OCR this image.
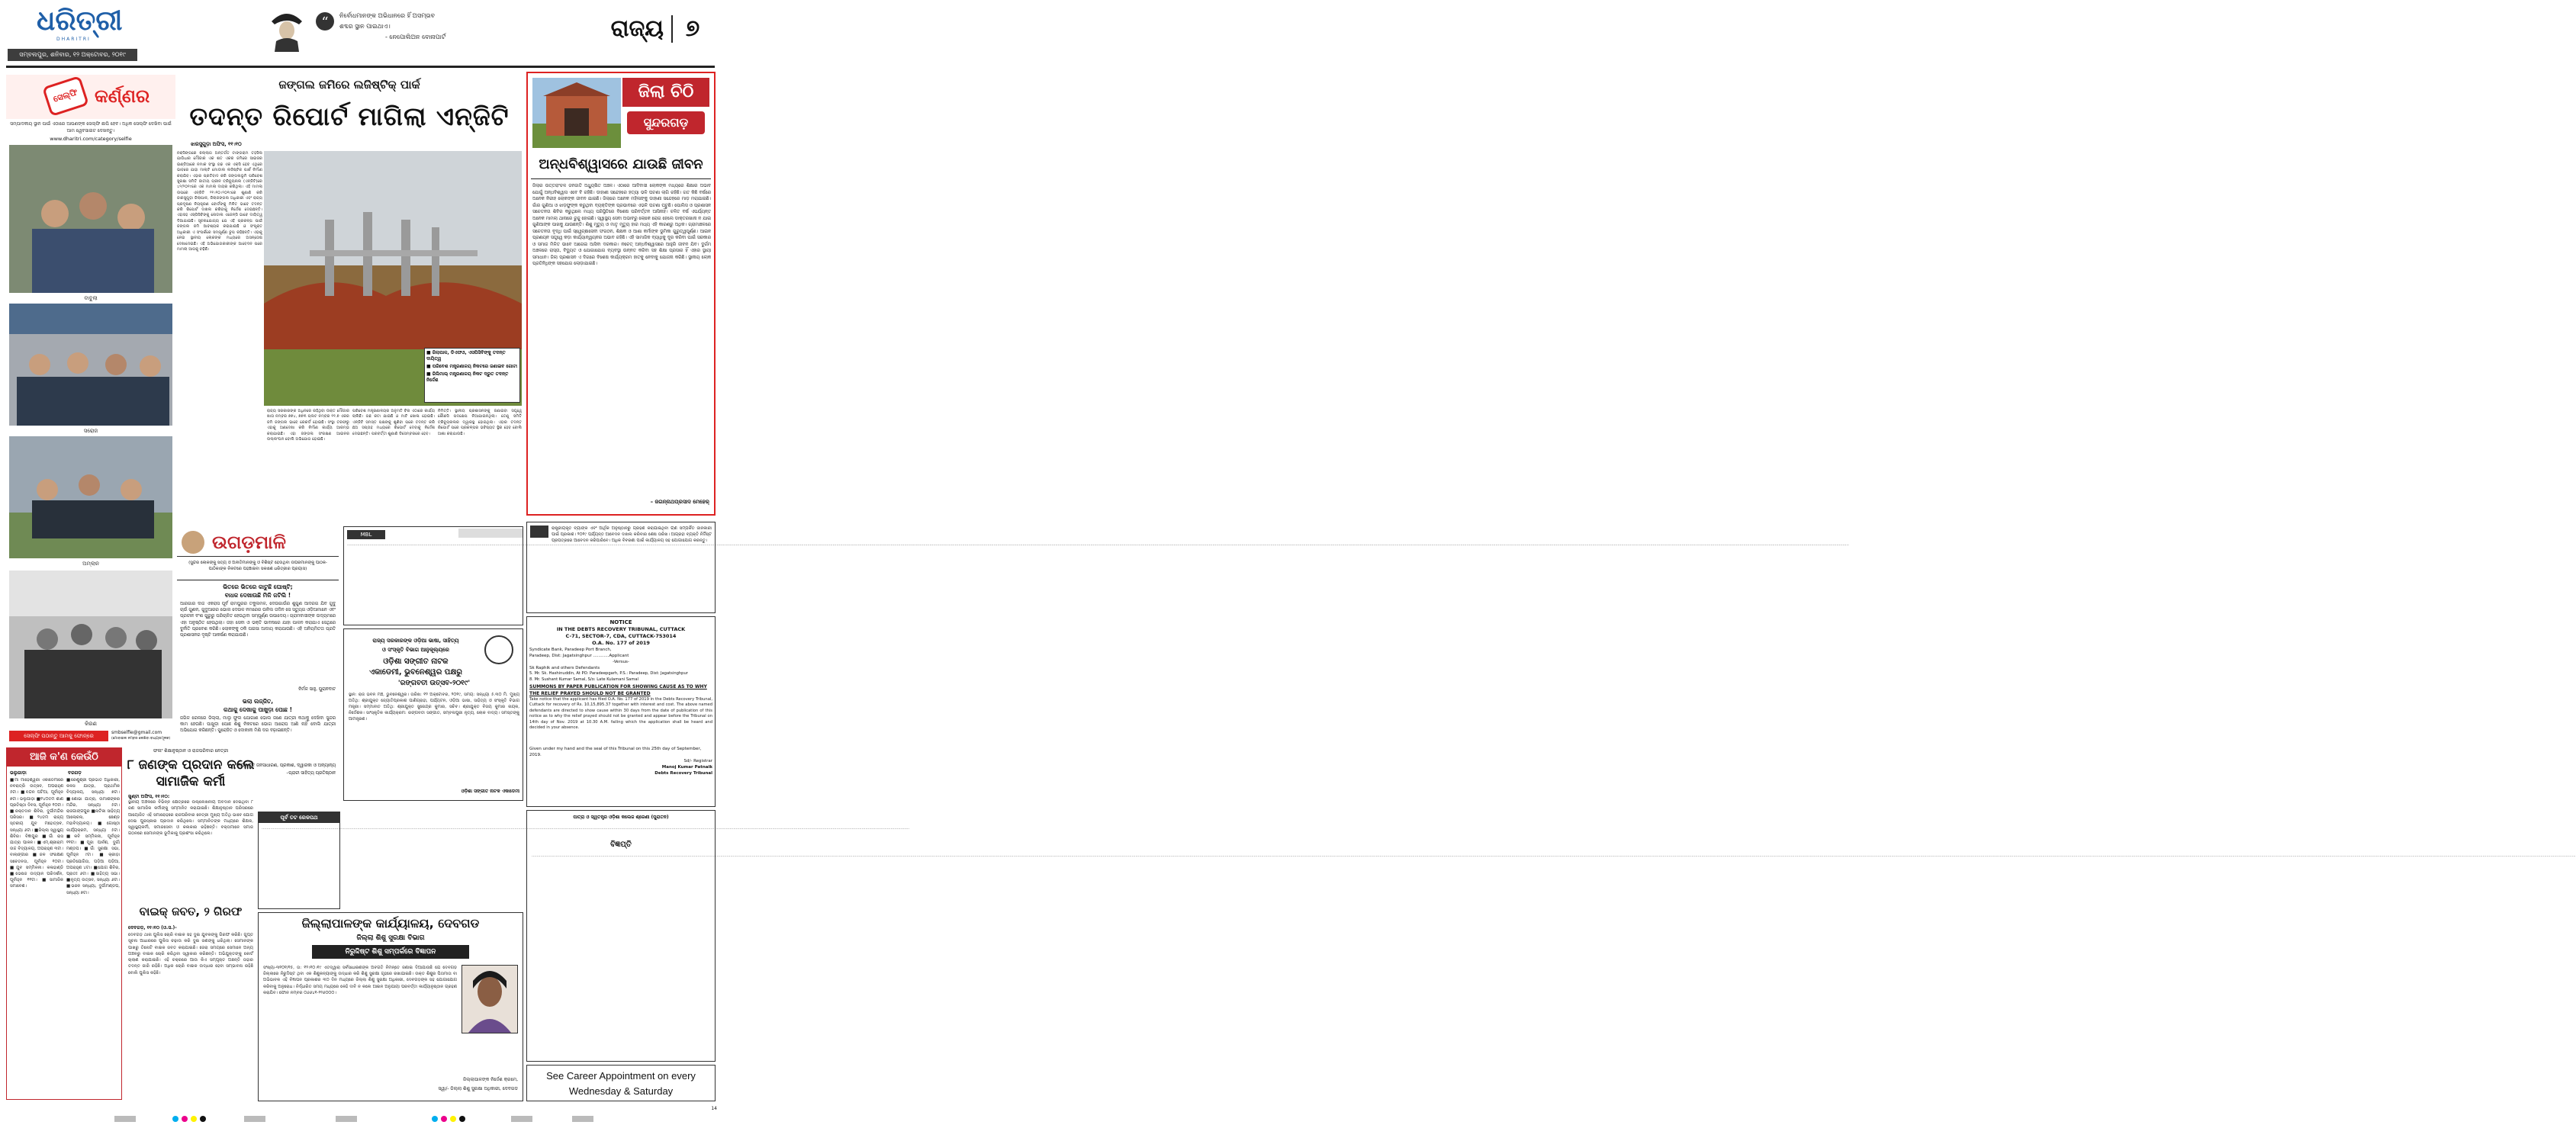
ଧରିତ୍ରୀ
DHARITRI
ସମ୍ବଲପୁର, ଶନିବାର, ୧୨ ଅକ୍ଟୋବର, ୨୦୧୯
“	ନିର୍ବୋଧମାନଙ୍କ ଅଭିଧାନରେ ହିଁ ଅସମ୍ଭବ
ଶବ୍ଦର ସ୍ଥାନ ପାଇଥାଏ।
- ନେପୋଲିଅନ ବୋନାପାର୍ଟ	ରାଜ୍ୟ ୭
ସେଲ୍ଫି କର୍ଣ୍ଣର
ସମ୍ପାଦକୀୟ ସ୍ଥାନ ପାଇଁ ଏଠାରେ ଆପଣଙ୍କ ସେଲ୍ଫି ଛାପି ହେବ। ଅଧିକ ସେଲ୍ଫି ଦେଖିବା ପାଇଁ ଆମ ୱେବସାଇଟ ଦେଖନ୍ତୁ।
www.dharitri.com/category/selfie
ବାବୁଲା
ସରୋଜ
ଅମ୍ଲାନ
କିରଣ
ସେଲ୍ଫି ପଠାନ୍ତୁ ଆମକୁ ଫୋନ୍ରେ
smbselfie@gmail.com
(ମୋବାଇଲ ନମ୍ବର ଲେଖିବା ବାଧ୍ୟତାମୂଳକ)
ଜଙ୍ଗଲ ଜମିରେ ଲଜିଷ୍ଟିକ୍ ପାର୍କ
ତଦନ୍ତ ରିପୋର୍ଟ ମାଗିଲା ଏନ୍ଜିଟି
ଝାରସୁଗୁଡ଼ା ଅଫିସ, ୧୧।୧୦
ନକ୍ସିଙ୍ଗରେ ଝିଲ୍ଲାଗ ଅନ୍ତର୍ଗତ ଟାଙ୍ଗରାମ ତହସିଲ ଯାଗିଧାର ମୌଜାର ଏକ ଶତ ଏକର ଜମିରେ ସାଇଜର ଇଣ୍ଡିଆରେ ନମାକ ସଂସ୍ଥା ଗଢ ଏକ ଏକ୍ସି ହେବ ଏଥିରେ ଭାବରେ ଯାହା ମାଲ୍ଟି ମୋଡାଲ ଲଜିଷ୍ଟିକ ପାର୍କ ନିର୍ମାଣ କରାଯିବ। ଏହାର ପ୍ରତିବାଦ କରି ଜଙ୍ଗଲଭୂମି ପରିବେଶ ସୁରକ୍ଷା ସମିତି ଜାତୀୟ ଗ୍ରୀନ ଟ୍ରିବ୍ୟୁନାଲ (ଏନ୍‌ଜିଟି)ରେ ୪୨/୨୦୧୯ରେ ଏକ ମାମଲା ଦାୟର କରିଥିଲା। ଏହି ମାମଲା ଉପରେ ଏନ୍‌ଜିଟି ୨୧।୧୦।୨୦୧୯ରେ ଶୁଣାଣି କରି ଜାରସୁଗୁଡ଼ା ଜିଲାପାଳ, ଜିଲାଜଙ୍ଗଲ ଅଧିକାରୀ ଏବଂ ରାଜ୍ୟ ପ୍ରଦୂଷଣ ନିୟନ୍ତ୍ରଣ ବୋର୍ଡଙ୍କୁ ମିଳିତ ଭାବେ ତଦନ୍ତ କରି ରିପୋର୍ଟ ଦାଖଲ କରିବାକୁ ନିର୍ଦ୍ଦେଶ ଦେଇଛନ୍ତି। ଏହାସହ ଏସ୍‌ପିସିବିଙ୍କୁ ନୋଡାଲ ଏଜେନ୍ସି ଭାବେ ଦାୟିତ୍ୱ ଦିଆଯାଇଛି। ସୂଚନାଯୋଗ୍ୟ ଯେ ଏହି ପ୍ରକଳ୍ପ ପାଇଁ ଜଙ୍ଗଲ ଜମି ଆବଶ୍ୟକ କରାଯାଇଛି ଓ ସଂପୃକ୍ତ ଅଧିକାରୀ ଏ ସଂପର୍କରେ ସମ୍ପୂର୍ଣ୍ଣ ଚୁପ ରହିଛନ୍ତି। ଏହାକୁ ନେଇ ସ୍ଥାନୀୟ ଲୋକଙ୍କ ମଧ୍ୟରେ ଅସନ୍ତୋଷ ଦେଖାଦେଇଛି। ଏହି ଅଭିଯୋଗକାରୀଙ୍କ ଆବେଦନ ପରେ ମାମଲା ଆଗକୁ ବଢ଼ିଛି।
■ ଜିଲାପାଳ, ଡିଏଫଓ, ଏସପିସିବିଙ୍କୁ ତଦନ୍ତ ଦାୟିତ୍ୱ
■ ପରିବେଶ ମନ୍ତ୍ରଣାଳୟ ନିକଟରେ ଜଣାଇବ ଗୋଟା
■ ଜିଲିମାଲ୍ ମନ୍ତ୍ରଣାଳୟ ନିକଟ ଦ୍ରୁତ ତଦନ୍ତ ନିର୍ଦ୍ଦେଶ
ରାଜ୍ୟ ସରକାରଙ୍କ ଅଧିନରେ ରହିଥିବା ଉକ୍ତ ମୌଜାର ଖାତା ନମ୍ବର ୭୭୪, ୭୭୩ ପ୍ଲଟ ନମ୍ବର ୧୧.୭ ଏକର ଜମି ଜଙ୍ଗଲ ଭାବେ ରେକର୍ଡ ହୋଇଛି। ସଂସ୍ଥା ତରଫରୁ ଏହାକୁ ଅଣଦେଖା କରି ନିର୍ମାଣ କାର୍ଯ୍ୟ ଆରମ୍ଭ କରାଯାଇଛି। ଏହା ଜଙ୍ଗଲ ସଂରକ୍ଷଣ ଆଇନର ଉଲ୍ଲଂଘନ ବୋଲି ଅଭିଯୋଗ ହୋଇଛି।
ପରିବେଶ ମନ୍ତ୍ରଣାଳୟର ଅନୁମତି ବିନା ଏଠାରେ କାର୍ଯ୍ୟ ଚାଲିଛି। ଗଛ କଟା ଯାଇଛି ଓ ମାଟି ଖୋଳା ହୋଇଛି। ଏନ୍‌ଜିଟି ସମସ୍ତ ପକ୍ଷଙ୍କୁ ଶୁଣିବା ପରେ ତଦନ୍ତ କରି ଛଅ ସପ୍ତାହ ମଧ୍ୟରେ ରିପୋର୍ଟ ଦେବାକୁ ନିର୍ଦ୍ଦେଶ ଦେଇଛନ୍ତି। ପରବର୍ତ୍ତୀ ଶୁଣାଣି ଡିସେମ୍ବରରେ ହେବ।
ନିମିତ୍ତି। ସ୍ଥାନୀୟ ପ୍ରଶାସନଙ୍କୁ ଜଣାଇବା ସତ୍ତ୍ୱେ କୌଣସି ପଦକ୍ଷେପ ନିଆଯାଇନଥିଲା। ତେଣୁ ସମିତି ଟ୍ରିବ୍ୟୁନାଲର ଦ୍ୱାରସ୍ଥ ହୋଇଥିଲା। ଏହାର ତଦନ୍ତ ରିପୋର୍ଟ ପରେ ପ୍ରକଳ୍ପର ଭବିଷ୍ୟତ ସ୍ଥିର ହେବ ବୋଲି ଆଶା କରାଯାଉଛି।
ଜିଲା ଚିଠି
ସୁନ୍ଦରଗଡ଼
ଅନ୍ଧବିଶ୍ୱାସରେ ଯାଉଛି ଜୀବନ
ଜିଲାର ଉତ୍ତରାଂଚଳ ଜନଜାତି ଅଧ୍ୟୁଷିତ ଅଞ୍ଚଳ। ଏଠାରେ ଆଦିବାସୀ ଲୋକଙ୍କ ମଧ୍ୟରେ ଶିକ୍ଷାର ଅଭାବ ଯୋଗୁଁ ଅନ୍ଧବିଶ୍ୱାସ ଏବେ ବି ରହିଛି। ଡାହାଣୀ ସନ୍ଦେହରେ ହତ୍ୟା ଭଳି ଘଟଣା ଲାଗି ରହିଛି। ଗତ କିଛି ବର୍ଷରେ ଅନେକ ନିରୀହ ଲୋକଙ୍କ ଜୀବନ ଯାଇଛି। ଜିଲାରେ ଅନେକ ମହିଳାଙ୍କୁ ଡାହାଣୀ ସନ୍ଦେହରେ ମାଡ଼ ମରାଯାଇଛି। ଗାଁର ଗୁଣିଆ ଓ ଝାଡ଼ଫୁଙ୍କ କରୁଥିବା ବ୍ୟକ୍ତିଙ୍କ ପ୍ରଭାବରେ ଏଭଳି ଘଟଣା ଘଟୁଛି। ପୋଲିସ ଓ ପ୍ରଶାସନ ସଚେତନତା ଶିବିର କରୁଥିଲେ ମଧ୍ୟ ପରିସ୍ଥିତିରେ ବିଶେଷ ପରିବର୍ତ୍ତନ ଆସିନାହିଁ। ଚଳିତ ବର୍ଷ ଏପର୍ଯ୍ୟନ୍ତ ଅନେକ ମାମଲା ଥାନାରେ ରୁଜୁ ହୋଇଛି। ସ୍ୱାସ୍ଥ୍ୟ ସେବା ଅଭାବରୁ ଲୋକେ ରୋଗ ହେଲେ ଡାକ୍ତରଖାନା ନ ଯାଇ ଗୁଣିଆଙ୍କ ପାଖକୁ ଯାଉଛନ୍ତି। ଶିଶୁ ମୃତ୍ୟୁ ଓ ମାତୃ ମୃତ୍ୟୁ ହାର ମଧ୍ୟ ଏହି କାରଣରୁ ଅଧିକ। ଗ୍ରାମାଞ୍ଚଳରେ ସଚେତନତା ବୃଦ୍ଧି ପାଇଁ ସ୍ୱେଚ୍ଛାସେବୀ ସଂଗଠନ, ଶିକ୍ଷକ ଓ ଆଶା କର୍ମୀଙ୍କ ଭୂମିକା ଗୁରୁତ୍ୱପୂର୍ଣ୍ଣ। ଆଇନ ପ୍ରଣୟନ ସତ୍ତ୍ୱେ କଡ଼ା କାର୍ଯ୍ୟାନ୍ୱୟନର ଅଭାବ ରହିଛି। ଏହି ସାମାଜିକ ବ୍ୟାଧିକୁ ଦୂର କରିବା ପାଇଁ ସରକାର ଓ ସମାଜ ମିଳିତ ଭାବେ ଆଗେଇ ଆସିବା ଦରକାର। ନଚେତ୍ ଅନ୍ଧବିଶ୍ୱାସରେ ଆହୁରି ଜୀବନ ଯିବ। ଦୁର୍ଗମ ଅଞ୍ଚଳରେ ରାସ୍ତା, ବିଦ୍ୟୁତ ଓ ଯୋଗାଯୋଗ ବ୍ୟବସ୍ଥା ଉନ୍ନତ କରିବା ସହ ଶିକ୍ଷା ପ୍ରସାର ହିଁ ଏହାର ସ୍ଥାୟୀ ସମାଧାନ। ଜିଲା ପ୍ରଶାସନ ଏ ଦିଗରେ ବିଶେଷ କାର୍ଯ୍ୟକ୍ରମ ହାତକୁ ନେବାକୁ ଯୋଜନା କରିଛି। ସ୍ଥାନୀୟ ଲୋକ ପ୍ରତିନିଧିଙ୍କ ସହଯୋଗ ଲୋଡ଼ାଯାଇଛି।
– ଜଗନ୍ନାଥପ୍ରସାଦ ମେହେର୍
ଉଗଡ଼ମାଳି
(ସୁନ୍ଦର ଲୋକଙ୍କୁ ସତ୍ୟ ଓ ଅନୀତିମାନଙ୍କୁ ଓ ବିଶିଷ୍ଟ ହେଉଥିବା ଉପରମାନଙ୍କୁ ପାଠକ-ପାଠିକାଙ୍କ ନିକଟରେ ପହଞ୍ଚାଇବା ସକାଶେ ଧରିତ୍ରୀର ପ୍ରୟାସ)
ଭିତରେ ଭିତରେ କାଟୁଛି ଘୋଷ୍ଟି;
ବାଧକ ଦେଖାଉଛି ମିଳି ଜଟିଲି !
ଆରଗାର ଦାଜ ଏକରାସ ପୂର୍ବ ରାମପୁରର ତକୁଲମଳ, ଦେଉଗାଉଁର ଶୁଗୁଣ ଆଦରଗ ଯିବ ଗୁଦୁ ଚାଉଁ ଗୁଣନ, ଗୁଦୁଆରର ଭୋଲ ଦେଉଳ ନମରେର ଉନିଲ ତାଦିନ ସେ ସତ୍ୟୁଗ ଓଡ଼ିଆମାନେ ଏବଂ ପ୍ରଚୀନ ବଂଶ ଗୁରୁରୁ ପରିଚାଳିତ ହେଉଥିବା ସମ୍ପୂର୍ଣ୍ଣ ଉପାଦେୟ। ଗ୍ରାମବାସୀଙ୍କ ଉଦ୍ୟମରେ ଏହା ଅନୁଷ୍ଠିତ ହେଉଥିଲା। ତାହା ସେବା ଓ ଭକ୍ତି ଭାବନାରେ ଯାହା ପାଳନ କରାଯାଏ ସେଥିରେ ଦୁର୍ନୀତି ପ୍ରବେଶ କରିଛି। ଲୋକଙ୍କୁ ଠକି ପଇସା ଆଦାୟ କରାଯାଉଛି। ଏହି ଅନିୟମିତତା ପ୍ରତି ପ୍ରଶାସନର ଦୃଷ୍ଟି ଆକର୍ଷଣ କରାଯାଉଛି।
ନିର୍ମଳ ସାହୁ, ପୁରାନବାଟ
ଭଲା ଲଜ୍ଜିତ,
କଥାକୁ ଦେଖାକୁ ପାଖୁଡ଼ା ପୋଛ !
ଜଗିଳ ରେଳରେ ଜିଲ୍ଲା, ମାଲୁ ଫୁଲ ଯୋଗାଣ ଭୋଲ ଜଣେ ଯାତ୍ରୀ କଥାକୁ ଦେଖିବା ସୁନ୍ଦର କାମ ହେଉଛି। ପାଖୁଡ଼ା ପୋଛ ଶିଶୁ ନିକଟରେ ଭୋଗ ଆରୋପ ଆଣି ନାହିଁ ବୋଲି ଯାତ୍ରୀ ଅଭିଯୋଗ କରିଛନ୍ତି। ପୁରୋହିତ ଓ ଦୋକାନୀ ମିଶି ଦର ବଢ଼ାଇଛନ୍ତି।
ନିର୍ଯ୍ୟାତିତ ଜନସାଧାରଣ, ପ୍ରକାଶ, ଦ୍ୱାରକା ଓ ଅନ୍ୟାନ୍ୟ
–ପ୍ରାଚୀ ସାହିତ୍ୟ ପ୍ରତିଷ୍ଠାନ
MBL
..........................................................................................................................................................................................................................................................................................................................................................................................................................................................................................................................................................................................................................................................................................................................................................................................................................................................................................................................................................................................................................................................................................................................................................................................................................................
ରାଜ୍ୟ ସରକାରଙ୍କ ଓଡ଼ିଆ ଭାଷା, ସାହିତ୍ୟ
ଓ ସଂସ୍କୃତି ବିଭାଗ ଆନୁକୂଲ୍ୟରେ
ଓଡ଼ିଶା ସଙ୍ଗୀତ ନାଟକ
ଏକାଡେମୀ, ଭୁବନେଶ୍ୱର ପକ୍ଷରୁ
'ରଙ୍ଗବତୀ ଉତ୍ସବ-୨୦୧୯'
ସ୍ଥାନ: ରାଜ ଭବନ ମଞ୍ଚ, ଭୁବନେଶ୍ୱର। ତାରିଖ: ୧୨ ଅକ୍ଟୋବର, ୨୦୧୯, ସମୟ: ସନ୍ଧ୍ୟା ୫.୩୦ ମି. ମୁଖ୍ୟ ଅତିଥି: ଶ୍ରୀଯୁକ୍ତ ଜ୍ୟୋତିପ୍ରକାଶ ପାଣିଗ୍ରାହୀ, ପର୍ଯ୍ୟଟନ, ଓଡ଼ିଆ ଭାଷା, ସାହିତ୍ୟ ଓ ସଂସ୍କୃତି ବିଭାଗ ମନ୍ତ୍ରୀ। ସମ୍ମାନୀତ ଅତିଥି: ଶ୍ରୀଯୁକ୍ତ ସୁରେନ୍ଦ୍ର କୁମାର, ସଚିବ। ଶ୍ରୀଯୁକ୍ତ ବିଜୟ କୁମାର ନାୟକ, ନିର୍ଦ୍ଦେଶକ। ସାଂସ୍କୃତିକ କାର୍ଯ୍ୟକ୍ରମ: ରଙ୍ଗବତୀ ସଙ୍ଗୀତ, ସମ୍ବଲପୁରୀ ନୃତ୍ୟ, ଲୋକ ବାଦ୍ୟ। ସମସ୍ତଙ୍କୁ ଆମନ୍ତ୍ରଣ।
ଓଡ଼ିଶା ସଙ୍ଗୀତ ନାଟକ ଏକାଡେମୀ
ରାଷ୍ଟ୍ରୀୟକୃତ ବ୍ୟାଙ୍କ ଏବଂ ଆର୍ଥିକ ଅନୁଷ୍ଠାନରୁ ଗ୍ରହଣ କରାଯାଇଥିବା ଋଣ ସମ୍ପର୍କିତ ଜାନକାରୀ ପାଇଁ ପ୍ରକାଶ। ୨୦୧୯ ପର୍ଯ୍ୟନ୍ତ ଆବେଦନ ଦାଖଲ କରିବାର ଶେଷ ତାରିଖ। ଆଗ୍ରହୀ ବ୍ୟକ୍ତି ନିର୍ଦ୍ଦିଷ୍ଟ ପ୍ରପତ୍ରରେ ଆବେଦନ କରିପାରିବେ। ଅଧିକ ବିବରଣୀ ପାଇଁ କାର୍ଯ୍ୟାଳୟ ସହ ଯୋଗାଯୋଗ କରନ୍ତୁ।
NOTICE
IN THE DEBTS RECOVERY TRIBUNAL, CUTTACK
C-71, SECTOR-7, CDA, CUTTACK-753014
O.A. No. 177 of 2019
Syndicate Bank, Paradeep Port Branch,
Paradeep, Dist: Jagatsinghpur ............Applicant
-Versus-
Sk Raphik and others Defendants
5. Mr. Sk. Hashinuddin, At PO: Paradeepgarh, P.S.: Paradeep, Dist: Jagatsinghpur
8. Mr. Sushant Kumar Samal, S/o: Late Kulamani Samal
SUMMONS BY PAPER PUBLICATION FOR SHOWING CAUSE AS TO WHY THE RELIEF PRAYED SHOULD NOT BE GRANTED
Take notice that the applicant has filed O.A. No. 177 of 2019 in the Debts Recovery Tribunal, Cuttack for recovery of Rs. 10,15,895.37 together with interest and cost. The above named defendants are directed to show cause within 30 days from the date of publication of this notice as to why the relief prayed should not be granted and appear before the Tribunal on 14th day of Nov. 2019 at 10.30 A.M. failing which the application shall be heard and decided in your absence.
Given under my hand and the seal of this Tribunal on this 25th day of September, 2019.
Sd/- Registrar
Manoj Kumar Patnaik
Debts Recovery Tribunal
ପାତ୍ରା ଓ ସ୍ୱତନ୍ତ୍ର ଓଡ଼ିଶା କଲେଜ ଶ୍ରେଣୀ (ପୁରାତନ)
ବିଜ୍ଞପ୍ତି
.........................................................................................................................................................................................................................................................................................................................................................................................................................................................................................................................................................................................................................................................................................................................................................................................................................................................................................................................................................................................................................................................................................................................................................................................................................................................................................................................................................................................................................................................................................................................................................................................................................................................................................
See Career Appointment on every Wednesday & Saturday
ଆଜି କ'ଣ କେଉଁଠି
ଭଲୁଗାଡ଼ା	ବରଗଡ଼
■ମା ମାହେଶ୍ୱରୀ ଏକାଡେମୀରେ ନବରାତ୍ରି ଉତ୍ସବ, ଅପରାହ୍ଣ ୫ଟା। ■ବନ୍ଦନ ପଟିଆ, ପୂର୍ବାହ୍ନ ୭ଟା। ଭଲୁଗାଡ଼ା ■୧୪୦ତମ ଶାଣ ପ୍ରତିଷ୍ଠା ଦିବସ, ପୂର୍ବାହ୍ନ ୧୦ଟା। ■ରକ୍ତଦାନ ଶିବିର, ଦୁର୍ଗାମନ୍ଦିର ପରିସର। ■୨୪ତମ ରାଜ୍ୟ ସ୍ତରୀୟ ଯୁବ ମହୋତ୍ସବ, ସନ୍ଧ୍ୟା ୬ଟା। ■ଜିଲ୍ଲା ସ୍ୱାସ୍ଥ୍ୟ ଶିବିର। ବିଜ୍ଞାପୁର ■ଗାଁ ରାସ ଯାତ୍ରା ପାଳନ। ■ଏମ୍.ଶ୍ରୀରାମ ଉଚ୍ଚ ବିଦ୍ୟାଳୟ, ଅପରାହ୍ଣ ୩ଟା। ବାଲାଙ୍ଗୀର ■ଜଳ ସଂରକ୍ଷଣ ସଚେତନତା, ପୂର୍ବାହ୍ନ ୧୦ଟା। ■ଯୁବ ସମ୍ମିଳନୀ। କଳାହାଣ୍ଡି ■ଭେଷଜ ଉଦ୍ୟାନ ପରିଦର୍ଶନ, ପୂର୍ବାହ୍ନ ୧୧ଟା। ■ସାମାଜିକ ସମାବେଶ।
■ରେଣୁଶ୍ରୀ ପ୍ରଭାତ ଅଧିକାରୀ, କଳସ ଯାତ୍ରା, ପ୍ରାଥମିକ ବିଦ୍ୟାଳୟ, ସନ୍ଧ୍ୟା ୭ଟା। ■ଶୋଭା ଯାତ୍ରା, ଉମାଶଙ୍କର ମନ୍ଦିର, ସନ୍ଧ୍ୟା ୫ଟା। ରାଜଗାଙ୍ଗପୁର ■ନାଟିକା ସାହିତ୍ୟ ଆଲୋଚନା, ଛେଣ୍ଡ ମହାବିଦ୍ୟାଳୟ। ■ଗୋଷ୍ଠୀ କାର୍ଯ୍ୟକ୍ରମ, ସନ୍ଧ୍ୟା ୫ଟା। ■କବି ସମ୍ମିଳନୀ, ପୂର୍ବାହ୍ନ ୧୧ଟା। ■ପୂଜା ପାର୍ବଣ, ଦୁର୍ଗା ମଣ୍ଡପ। ■ଗାଁ ସୁରକ୍ଷା ସଭା, ପୂର୍ବାହ୍ନ ୯ଟା। ■କ୍ରୀଡ଼ା ପ୍ରତିଯୋଗିତା, ପଡ଼ିଆ ପଡ଼ିଆ, ଅପରାହ୍ଣ ୪ଟା। ■ଯୋଗ ଶିବିର, ପ୍ରାତଃ ୬ଟା। ■ସାହିତ୍ୟ ସଭା। ■ନୃତ୍ୟ ଉତ୍ସବ, ସନ୍ଧ୍ୟା ୬ଟା। ■ଭଜନ ସନ୍ଧ୍ୟା, ଦୁର୍ଗାମଣ୍ଡପ, ସନ୍ଧ୍ୟା ୭ଟା।
ଫଳାଂ ଶିକ୍ଷାନୁଷ୍ଠାନ ଓ ରାଜପରିବାର ନେତ୍ରୀ
୮ ଜଣଙ୍କ ପ୍ରଦାନ କଲେ
ସାମାଜିକ କର୍ମୀ
ଖୁଣ୍ଟା ଅଫିସ, ୧୧।୧୦:
ସ୍ଥାନୀୟ ଅଞ୍ଚଳରେ ବିଭିନ୍ନ କ୍ଷେତ୍ରରେ ଉଲ୍ଲେଖନୀୟ ଅବଦାନ ଦେଇଥିବା ୮ ଜଣ ସାମାଜିକ କର୍ମୀଙ୍କୁ ସମ୍ମାନିତ କରାଯାଇଛି। ଶିକ୍ଷାନୁଷ୍ଠାନ ପରିସରରେ ଆୟୋଜିତ ଏହି ସମାରୋହରେ ରାଜପରିବାର ନେତ୍ରୀ ମୁଖ୍ୟ ଅତିଥି ଭାବେ ଯୋଗ ଦେଇ ପୁରସ୍କାର ପ୍ରଦାନ କରିଥିଲେ। ସମ୍ମାନିତଙ୍କ ମଧ୍ୟରେ ଶିକ୍ଷକ, ସ୍ୱାସ୍ଥ୍ୟକର୍ମୀ, ସମାଜସେବୀ ଓ କଳାକାର ରହିଛନ୍ତି। ବକ୍ତାମାନେ ସମାଜ ଗଠନରେ ସେମାନଙ୍କ ଭୂମିକାକୁ ପ୍ରଶଂସା କରିଥିଲେ।
ବାଇକ୍ ଜବତ, ୨ ଗିରଫ
ଦେବଗଡ଼, ୧୧।୧୦ (ଓ.ସ.)-
ଦେବଗଡ଼ ଥାନା ପୁଲିସ ଚୋରି ବାଇକ ସହ ଦୁଇ ଯୁବକଙ୍କୁ ଗିରଫ କରିଛି। ଗୁପ୍ତ ସୂଚନା ଆଧାରରେ ପୁଲିସ ଚଢ଼ାଉ କରି ଦୁଇ ଜଣଙ୍କୁ ଧରିଥିଲା। ସେମାନଙ୍କ ପାଖରୁ ତିନୋଟି ବାଇକ ଜବତ କରାଯାଇଛି। ଜେରା ସମୟରେ ସେମାନେ ଅନ୍ୟ ଅଞ୍ଚଳରୁ ବାଇକ ଚୋରି କରିଥିବା ସ୍ୱୀକାର କରିଛନ୍ତି। ଅଭିଯୁକ୍ତଙ୍କୁ କୋର୍ଟ ଚାଲାଣ କରାଯାଇଛି। ଏହି ଚକ୍ରରେ ଆଉ କିଏ ସମ୍ପୃକ୍ତ ଅଛନ୍ତି ତାହାର ତଦନ୍ତ ଜାରି ରହିଛି। ଅଧିକ ଚୋରି ବାଇକ ଉଦ୍ଧାର ହେବା ସମ୍ଭାବନା ରହିଛି ବୋଲି ପୁଲିସ କହିଛି।
ପୂର୍ବ ତଟ ରେଳପଥ
...................................................................................................................................................................................................................................................................................................................................................................................................................................................................................................................................
ଜିଲ୍ଲାପାଳଙ୍କ କାର୍ଯ୍ୟାଳୟ, ଦେବଗଡ
ଜିଲ୍ଲା ଶିଶୁ ସୁରକ୍ଷା ବିଭାଗ
ନିରୁଦ୍ଦିଷ୍ଟ ଶିଶୁ ସମ୍ପର୍କରେ ବିଜ୍ଞାପନ
ସଂଖ୍ୟା-୩୧୦୧/୧୫, ତା: ୧୨।୧୦।୧୯ ଏତଦ୍ୱାରା ସର୍ବସାଧାରଣଙ୍କ ଅବଗତି ନିମନ୍ତେ ଜଣାଇ ଦିଆଯାଉଛି ଯେ ଦେବଗଡ଼ ଜିଲ୍ଲାରେ ନିରୁଦ୍ଦିଷ୍ଟ ଥିବା ଏକ ଶିଶୁକନ୍ୟାଙ୍କୁ ଉଦ୍ଧାର କରି ଶିଶୁ ସୁରକ୍ଷା ଗୃହରେ ରଖାଯାଇଛି। ଉକ୍ତ ଶିଶୁର ପିତାମାତା ବା ଅଭିଭାବକ ଏହି ବିଜ୍ଞାପନ ପ୍ରକାଶର ୩୦ ଦିନ ମଧ୍ୟରେ ଜିଲ୍ଲା ଶିଶୁ ସୁରକ୍ଷା ଅଧିକାରୀ, ଦେବଗଡ଼ଙ୍କ ସହ ଯୋଗାଯୋଗ କରିବାକୁ ଅନୁରୋଧ। ନିର୍ଦ୍ଧାରିତ ସମୟ ମଧ୍ୟରେ କେହି ଦାବି ନ କଲେ ଆଇନ ଅନୁଯାୟୀ ପରବର୍ତ୍ତୀ କାର୍ଯ୍ୟାନୁଷ୍ଠାନ ଗ୍ରହଣ କରାଯିବ। ଫୋନ ନମ୍ବର ୦୬୬୪୧-୨୨୬୦୦୦।
ଜିଲ୍ଲାପାଳଙ୍କ ନିର୍ଦ୍ଦେଶ କ୍ରମେ,
ସ୍ୱା/- ଜିଲ୍ଲା ଶିଶୁ ସୁରକ୍ଷା ଅଧିକାରୀ, ଦେବଗଡ
14
